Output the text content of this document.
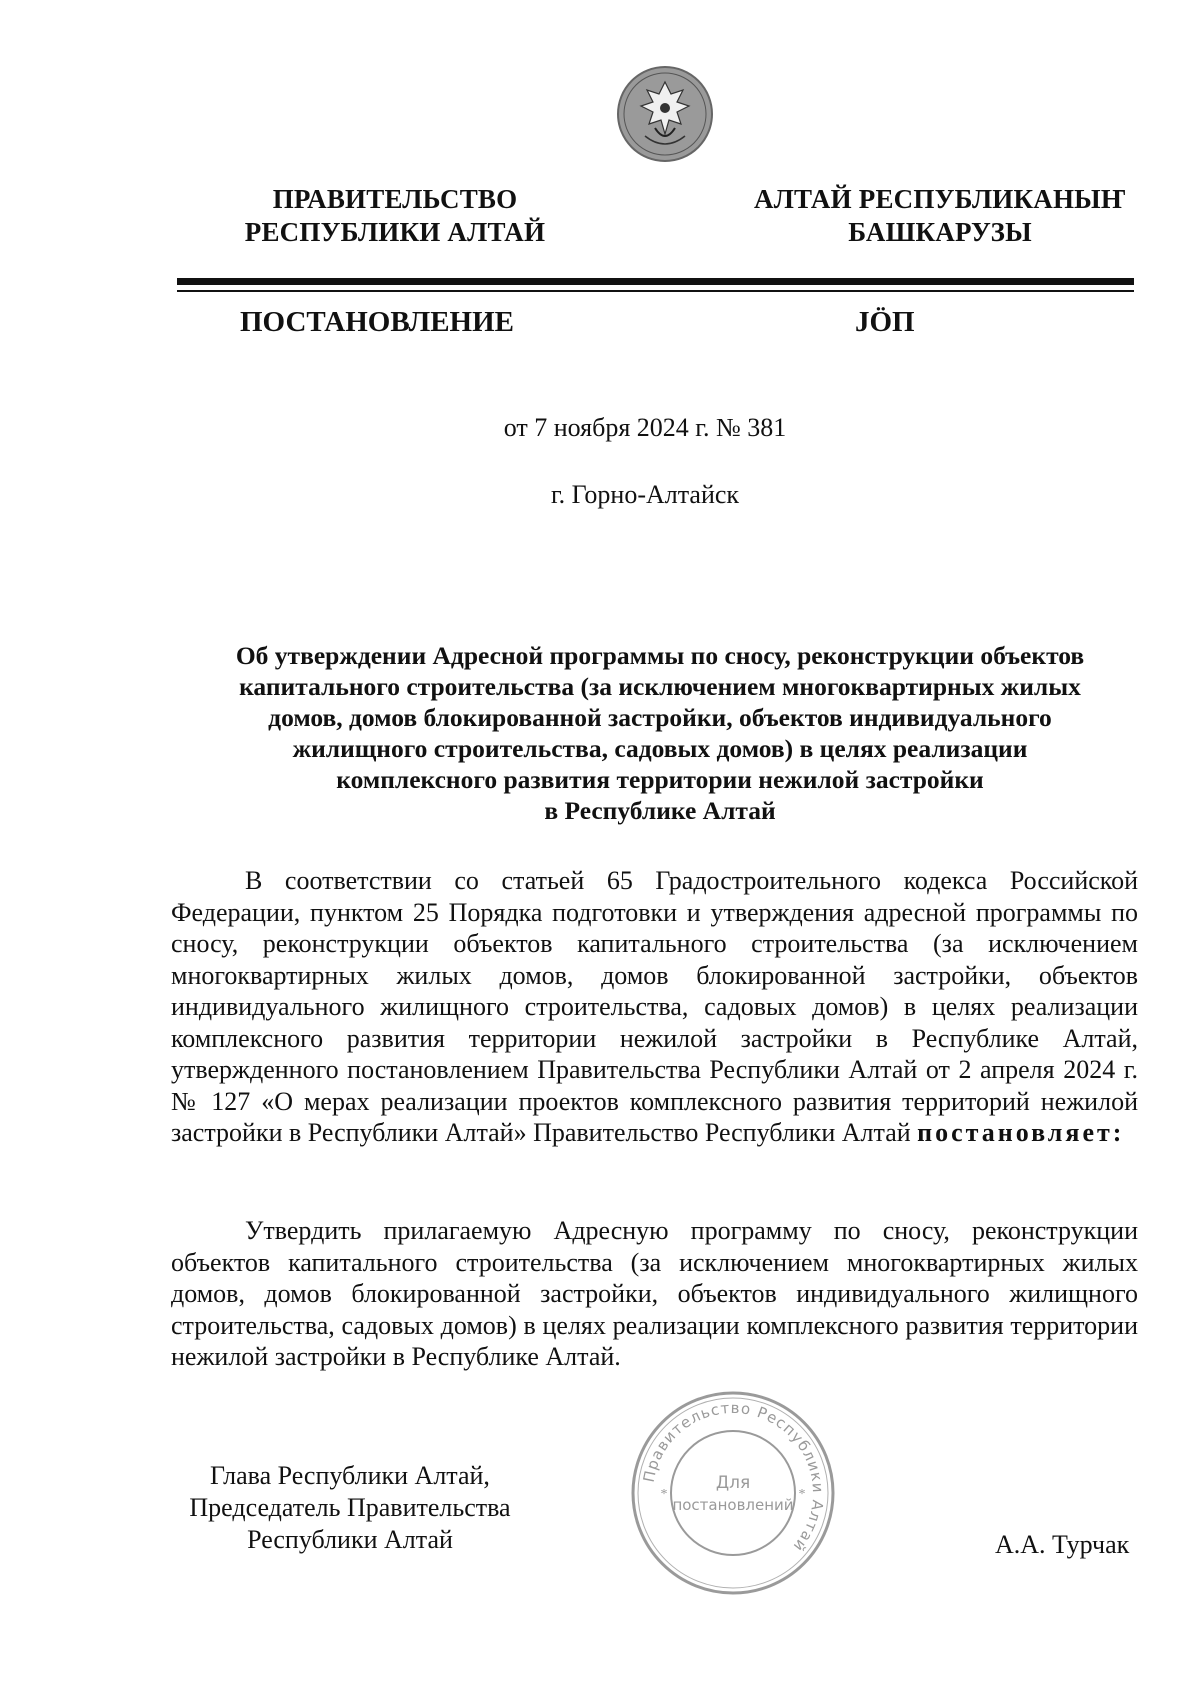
ПРАВИТЕЛЬСТВО
РЕСПУБЛИКИ АЛТАЙ
АЛТАЙ РЕСПУБЛИКАНЫҤ
БАШКАРУЗЫ
ПОСТАНОВЛЕНИЕ	ЈӦП
от 7 ноября 2024 г. № 381
г. Горно-Алтайск
Об утверждении Адресной программы по сносу, реконструкции объектов
капитального строительства (за исключением многоквартирных жилых
домов, домов блокированной застройки, объектов индивидуального
жилищного строительства, садовых домов) в целях реализации
комплексного развития территории нежилой застройки
в Республике Алтай

В соответствии со статьей 65 Градостроительного кодекса Российской Федерации, пунктом 25 Порядка подготовки и утверждения адресной программы по сносу, реконструкции объектов капитального строительства (за исключением многоквартирных жилых домов, домов блокированной застройки, объектов индивидуального жилищного строительства, садовых домов) в целях реализации комплексного развития территории нежилой застройки в Республике Алтай, утвержденного постановлением Правительства Республики Алтай от 2 апреля 2024 г. № 127 «О мерах реализации проектов комплексного развития территорий нежилой застройки в Республики Алтай» Правительство Республики Алтай постановляет:

Утвердить прилагаемую Адресную программу по сносу, реконструкции объектов капитального строительства (за исключением многоквартирных жилых домов, домов блокированной застройки, объектов индивидуального жилищного строительства, садовых домов) в целях реализации комплексного развития территории нежилой застройки в Республике Алтай.

Глава Республики Алтай,
Председатель Правительства
Республики Алтай
Правительство Республики Алтай
Для
постановлений
*	*
А.А. Турчак
